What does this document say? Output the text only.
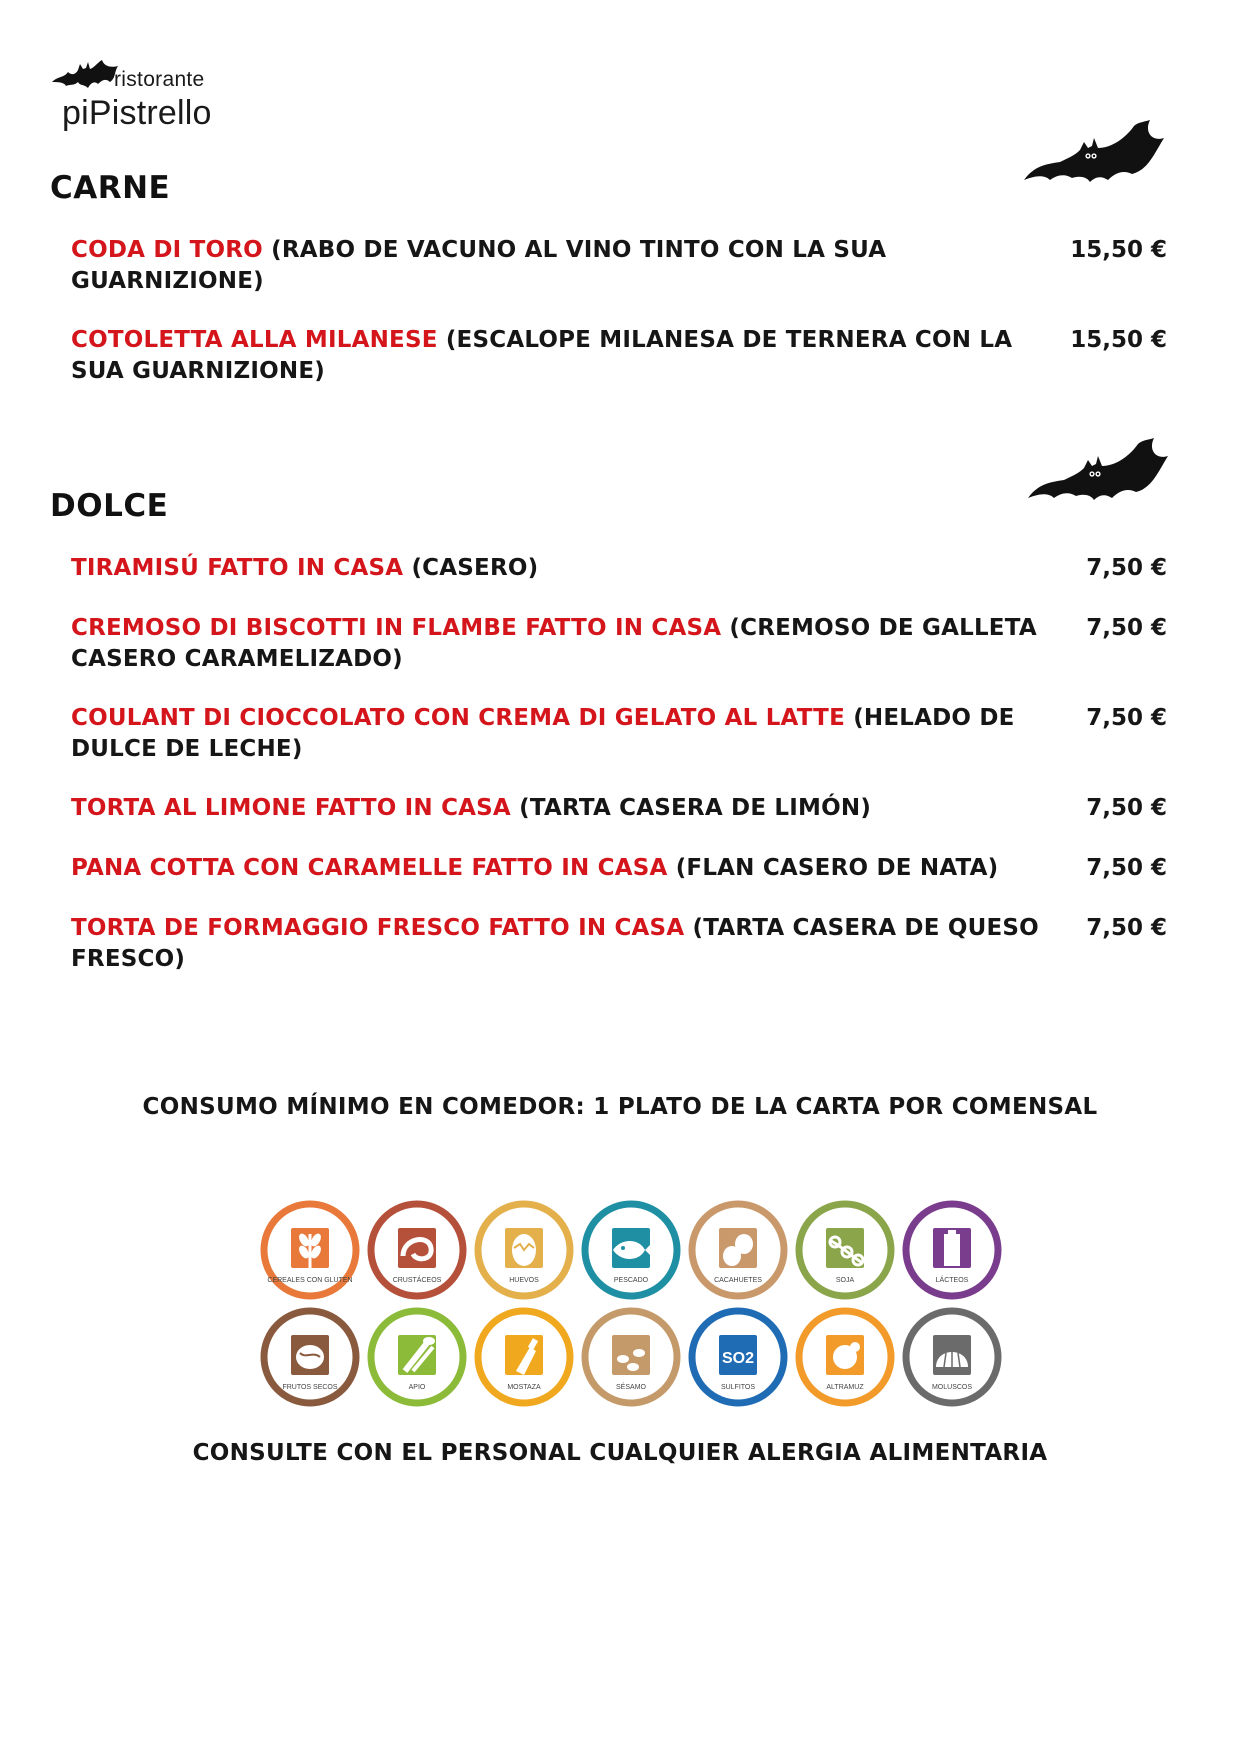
ristorante
piPistrello
CARNE
CODA DI TORO (RABO DE VACUNO AL VINO TINTO CON LA SUA GUARNIZIONE)
15,50 €
COTOLETTA ALLA MILANESE (ESCALOPE MILANESA DE TERNERA CON LA SUA GUARNIZIONE)
15,50 €
DOLCE
TIRAMISÚ FATTO IN CASA (CASERO)	7,50 €
CREMOSO DI BISCOTTI IN FLAMBE FATTO IN CASA (CREMOSO DE GALLETA CASERO CARAMELIZADO)
7,50 €
COULANT DI CIOCCOLATO CON CREMA DI GELATO AL LATTE (HELADO DE DULCE DE LECHE)
7,50 €
TORTA AL LIMONE FATTO IN CASA (TARTA CASERA DE LIMÓN)	7,50 €
PANA COTTA CON CARAMELLE FATTO IN CASA (FLAN CASERO DE NATA)	7,50 €
TORTA DE FORMAGGIO FRESCO FATTO IN CASA (TARTA CASERA DE QUESO FRESCO)
7,50 €
CONSUMO MÍNIMO EN COMEDOR: 1 PLATO DE LA CARTA POR COMENSAL
CEREALES CON GLUTEN	CRUSTÁCEOS	HUEVOS	PESCADO	CACAHUETES	SOJA	LÁCTEOS
FRUTOS SECOS	APIO	MOSTAZA	SÉSAMO
SO2
SULFITOS	ALTRAMUZ	MOLUSCOS
CONSULTE CON EL PERSONAL CUALQUIER ALERGIA ALIMENTARIA
